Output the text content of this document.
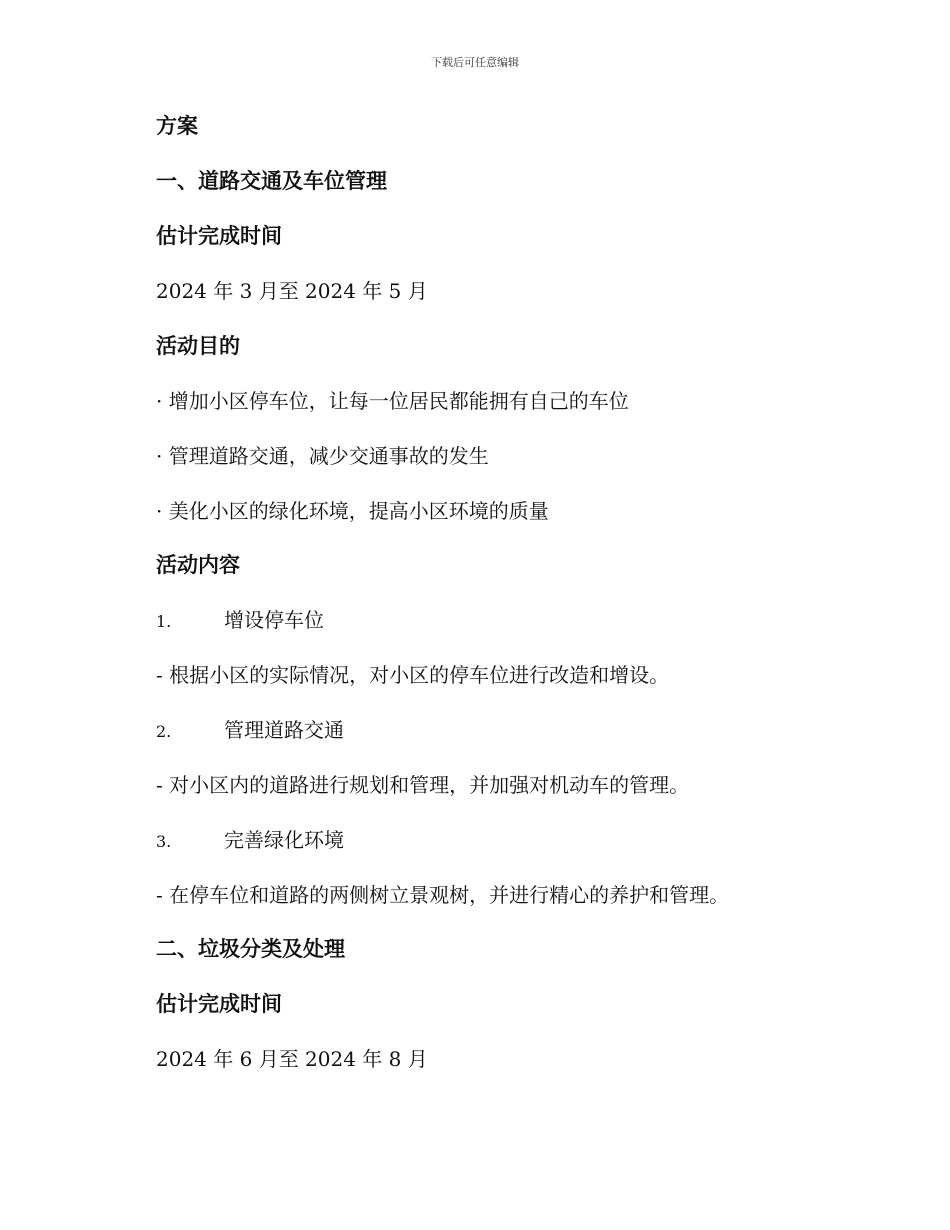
下载后可任意编辑
方案
一、道路交通及车位管理
估计完成时间
2024 年 3 月至 2024 年 5 月
活动目的
· 增加小区停车位，让每一位居民都能拥有自己的车位
· 管理道路交通，减少交通事故的发生
· 美化小区的绿化环境，提高小区环境的质量
活动内容
1.	增设停车位
- 根据小区的实际情况，对小区的停车位进行改造和增设。
2.	管理道路交通
- 对小区内的道路进行规划和管理，并加强对机动车的管理。
3.	完善绿化环境
- 在停车位和道路的两侧树立景观树，并进行精心的养护和管理。
二、垃圾分类及处理
估计完成时间
2024 年 6 月至 2024 年 8 月
